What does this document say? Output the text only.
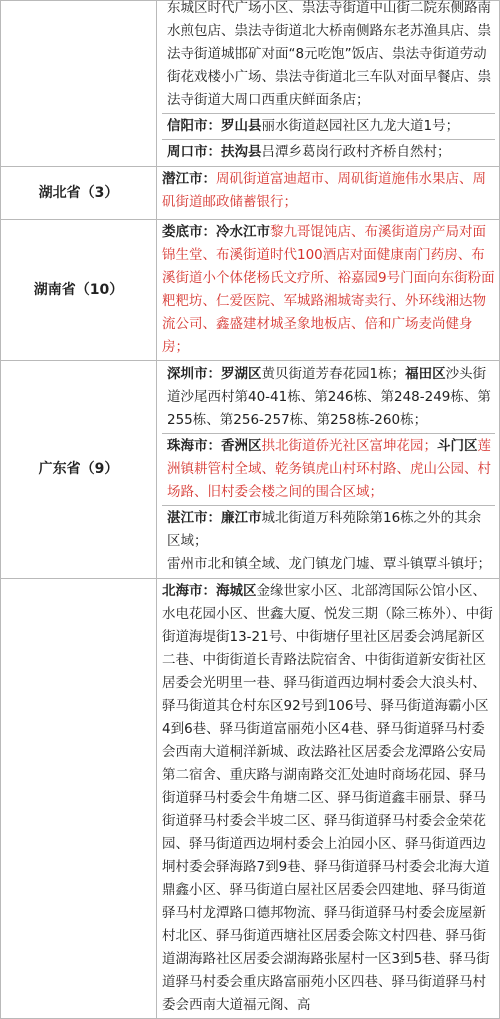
	东城区时代广场小区、祟法寺街道中山街二院东侧路南水煎包店、祟法寺街道北大桥南侧路东老苏渔具店、祟法寺街道城邯矿对面“8元吃饱”饭店、祟法寺街道劳动街花戏楼小广场、祟法寺街道北三车队对面早餐店、祟法寺街道大周口西重庆鲜面条店；
信阳市：罗山县丽水街道赵园社区九龙大道1号；
周口市：扶沟县吕潭乡葛岗行政村齐桥自然村；

湖北省（3）	潜江市：周矶街道富迪超市、周矶街道施伟水果店、周矶街道邮政储蓄银行；
湖南省（10）	娄底市：冷水江市黎九哥馄饨店、布溪街道房产局对面锦生堂、布溪街道时代100酒店对面健康南门药房、布溪街道小个体佬杨氏文疗所、裕嘉园9号门面向东街粉面粑粑坊、仁爱医院、军城路湘城寄卖行、外环线湘达物流公司、鑫盛建材城圣象地板店、倍和广场麦尚健身房；
广东省（9）	深圳市：罗湖区黄贝街道芳春花园1栋；福田区沙头街道沙尾西村第40-41栋、第246栋、第248-249栋、第255栋、第256-257栋、第258栋-260栋；
珠海市：香洲区拱北街道侨光社区富坤花园；斗门区莲洲镇耕管村全域、乾务镇虎山村环村路、虎山公园、村场路、旧村委会楼之间的围合区域；
湛江市：廉江市城北街道万科苑除第16栋之外的其余区域；
雷州市北和镇全域、龙门镇龙门墟、覃斗镇覃斗镇圩；

	北海市：海城区金缘世家小区、北部湾国际公馆小区、水电花园小区、世鑫大厦、悦发三期（除三栋外）、中街街道海堤街13-21号、中街塘仔里社区居委会鸿尾新区二巷、中街街道长青路法院宿舍、中街街道新安街社区居委会光明里一巷、驿马街道西边垌村委会大浪头村、驿马街道其仓村东区92号到106号、驿马街道海霸小区4到6巷、驿马街道富丽苑小区4巷、驿马街道驿马村委会西南大道桐洋新城、政法路社区居委会龙潭路公安局第二宿舍、重庆路与湖南路交汇处迪时商场花园、驿马街道驿马村委会牛角塘二区、驿马街道鑫丰丽景、驿马街道驿马村委会半坡二区、驿马街道驿马村委会金荣花园、驿马街道西边垌村委会上泊园小区、驿马街道西边垌村委会驿海路7到9巷、驿马街道驿马村委会北海大道鼎鑫小区、驿马街道白屋社区居委会四建地、驿马街道驿马村龙潭路口德邦物流、驿马街道驿马村委会庞屋新村北区、驿马街道西塘社区居委会陈文村四巷、驿马街道湖海路社区居委会湖海路张屋村一区3到5巷、驿马街道驿马村委会重庆路富丽苑小区四巷、驿马街道驿马村委会西南大道福元阁、高
